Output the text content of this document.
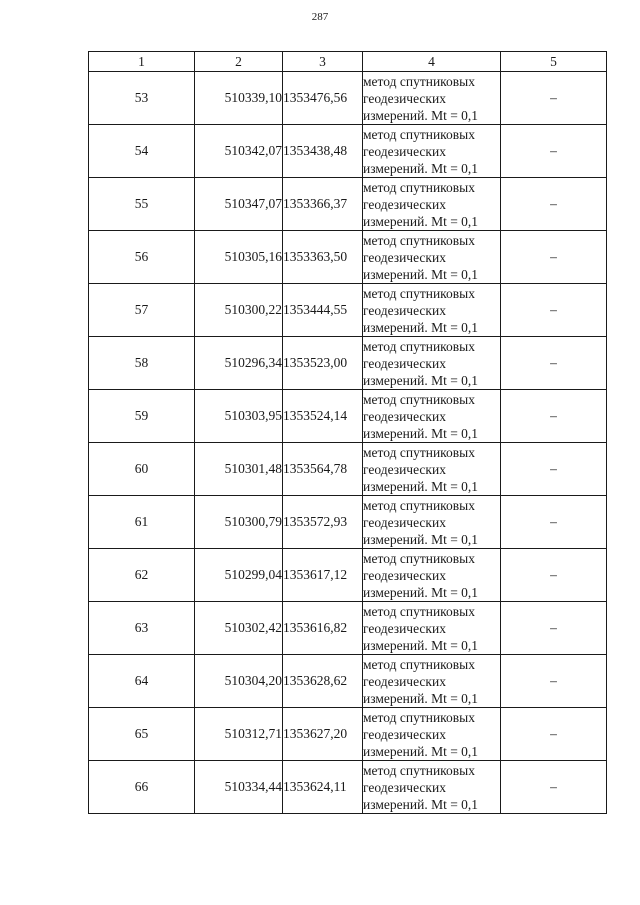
287
1	2	3	4	5
53	510339,10	1353476,56	метод спутниковых
геодезических
измерений. Mt = 0,1	–
54	510342,07	1353438,48	метод спутниковых
геодезических
измерений. Mt = 0,1	–
55	510347,07	1353366,37	метод спутниковых
геодезических
измерений. Mt = 0,1	–
56	510305,16	1353363,50	метод спутниковых
геодезических
измерений. Mt = 0,1	–
57	510300,22	1353444,55	метод спутниковых
геодезических
измерений. Mt = 0,1	–
58	510296,34	1353523,00	метод спутниковых
геодезических
измерений. Mt = 0,1	–
59	510303,95	1353524,14	метод спутниковых
геодезических
измерений. Mt = 0,1	–
60	510301,48	1353564,78	метод спутниковых
геодезических
измерений. Mt = 0,1	–
61	510300,79	1353572,93	метод спутниковых
геодезических
измерений. Mt = 0,1	–
62	510299,04	1353617,12	метод спутниковых
геодезических
измерений. Mt = 0,1	–
63	510302,42	1353616,82	метод спутниковых
геодезических
измерений. Mt = 0,1	–
64	510304,20	1353628,62	метод спутниковых
геодезических
измерений. Mt = 0,1	–
65	510312,71	1353627,20	метод спутниковых
геодезических
измерений. Mt = 0,1	–
66	510334,44	1353624,11	метод спутниковых
геодезических
измерений. Mt = 0,1	–
